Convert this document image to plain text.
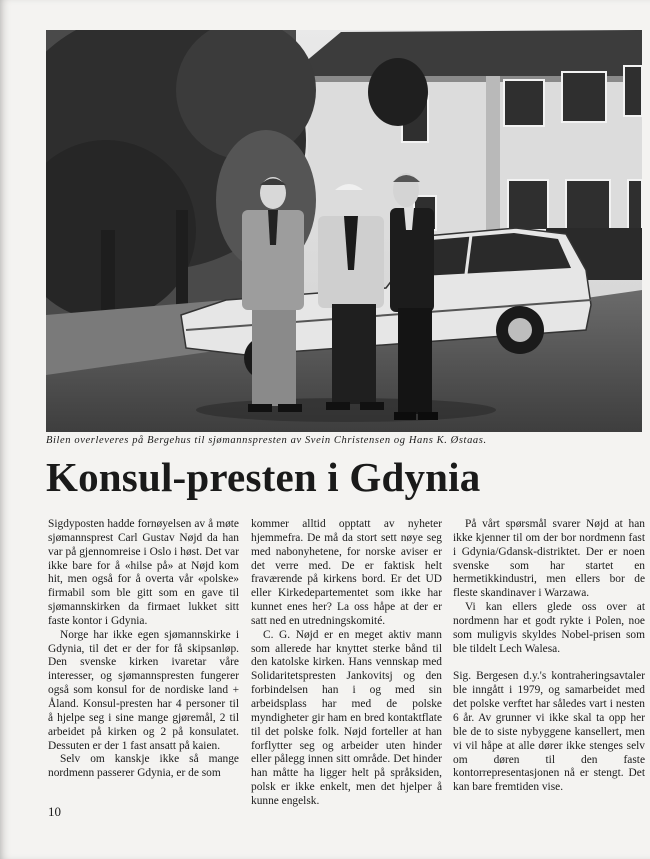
Bilen overleveres på Bergehus til sjømannspresten av Svein Christensen og Hans K. Østaas.
Konsul-presten i Gdynia

Sigdyposten hadde fornøyelsen av å møte sjømannsprest Carl Gustav Nøjd da han var på gjennomreise i Oslo i høst. Det var ikke bare for å «hilse på» at Nøjd kom hit, men også for å overta vår «polske» firmabil som ble gitt som en gave til sjømannskirken da firmaet lukket sitt faste kontor i Gdynia.

Norge har ikke egen sjømannskirke i Gdynia, til det er der for få skipsanløp. Den svenske kirken ivaretar våre interesser, og sjømannspresten fungerer også som konsul for de nordiske land + Åland. Konsul-presten har 4 personer til å hjelpe seg i sine mange gjøremål, 2 til arbeidet på kirken og 2 på konsulatet. Dessuten er der 1 fast ansatt på kaien.

Selv om kanskje ikke så mange nordmenn passerer Gdynia, er de som

kommer alltid opptatt av nyheter hjemmefra. De må da stort sett nøye seg med nabonyhetene, for norske aviser er det verre med. De er faktisk helt fraværende på kirkens bord. Er det UD eller Kirkedepartementet som ikke har kunnet enes her? La oss håpe at der er satt ned en utredningskomité.

C. G. Nøjd er en meget aktiv mann som allerede har knyttet sterke bånd til den katolske kirken. Hans vennskap med Solidaritetspresten Jankovitsj og den forbindelsen han i og med sin arbeidsplass har med de polske myndigheter gir ham en bred kontaktflate til det polske folk. Nøjd forteller at han forflytter seg og arbeider uten hinder eller pålegg innen sitt område. Det hinder han måtte ha ligger helt på språksiden, polsk er ikke enkelt, men det hjelper å kunne engelsk.

På vårt spørsmål svarer Nøjd at han ikke kjenner til om der bor nordmenn fast i Gdynia/Gdansk-distriktet. Der er noen svenske som har startet en hermetikkindustri, men ellers bor de fleste skandinaver i Warzawa.

Vi kan ellers glede oss over at nordmenn har et godt rykte i Polen, noe som muligvis skyldes Nobel-prisen som ble tildelt Lech Walesa.

Sig. Bergesen d.y.'s kontraheringsavtaler ble inngått i 1979, og samarbeidet med det polske verftet har således vart i nesten 6 år. Av grunner vi ikke skal ta opp her ble de to siste nybyggene kansellert, men vi vil håpe at alle dører ikke stenges selv om døren til den faste kontorrepresentasjonen nå er stengt. Det kan bare fremtiden vise.

10
